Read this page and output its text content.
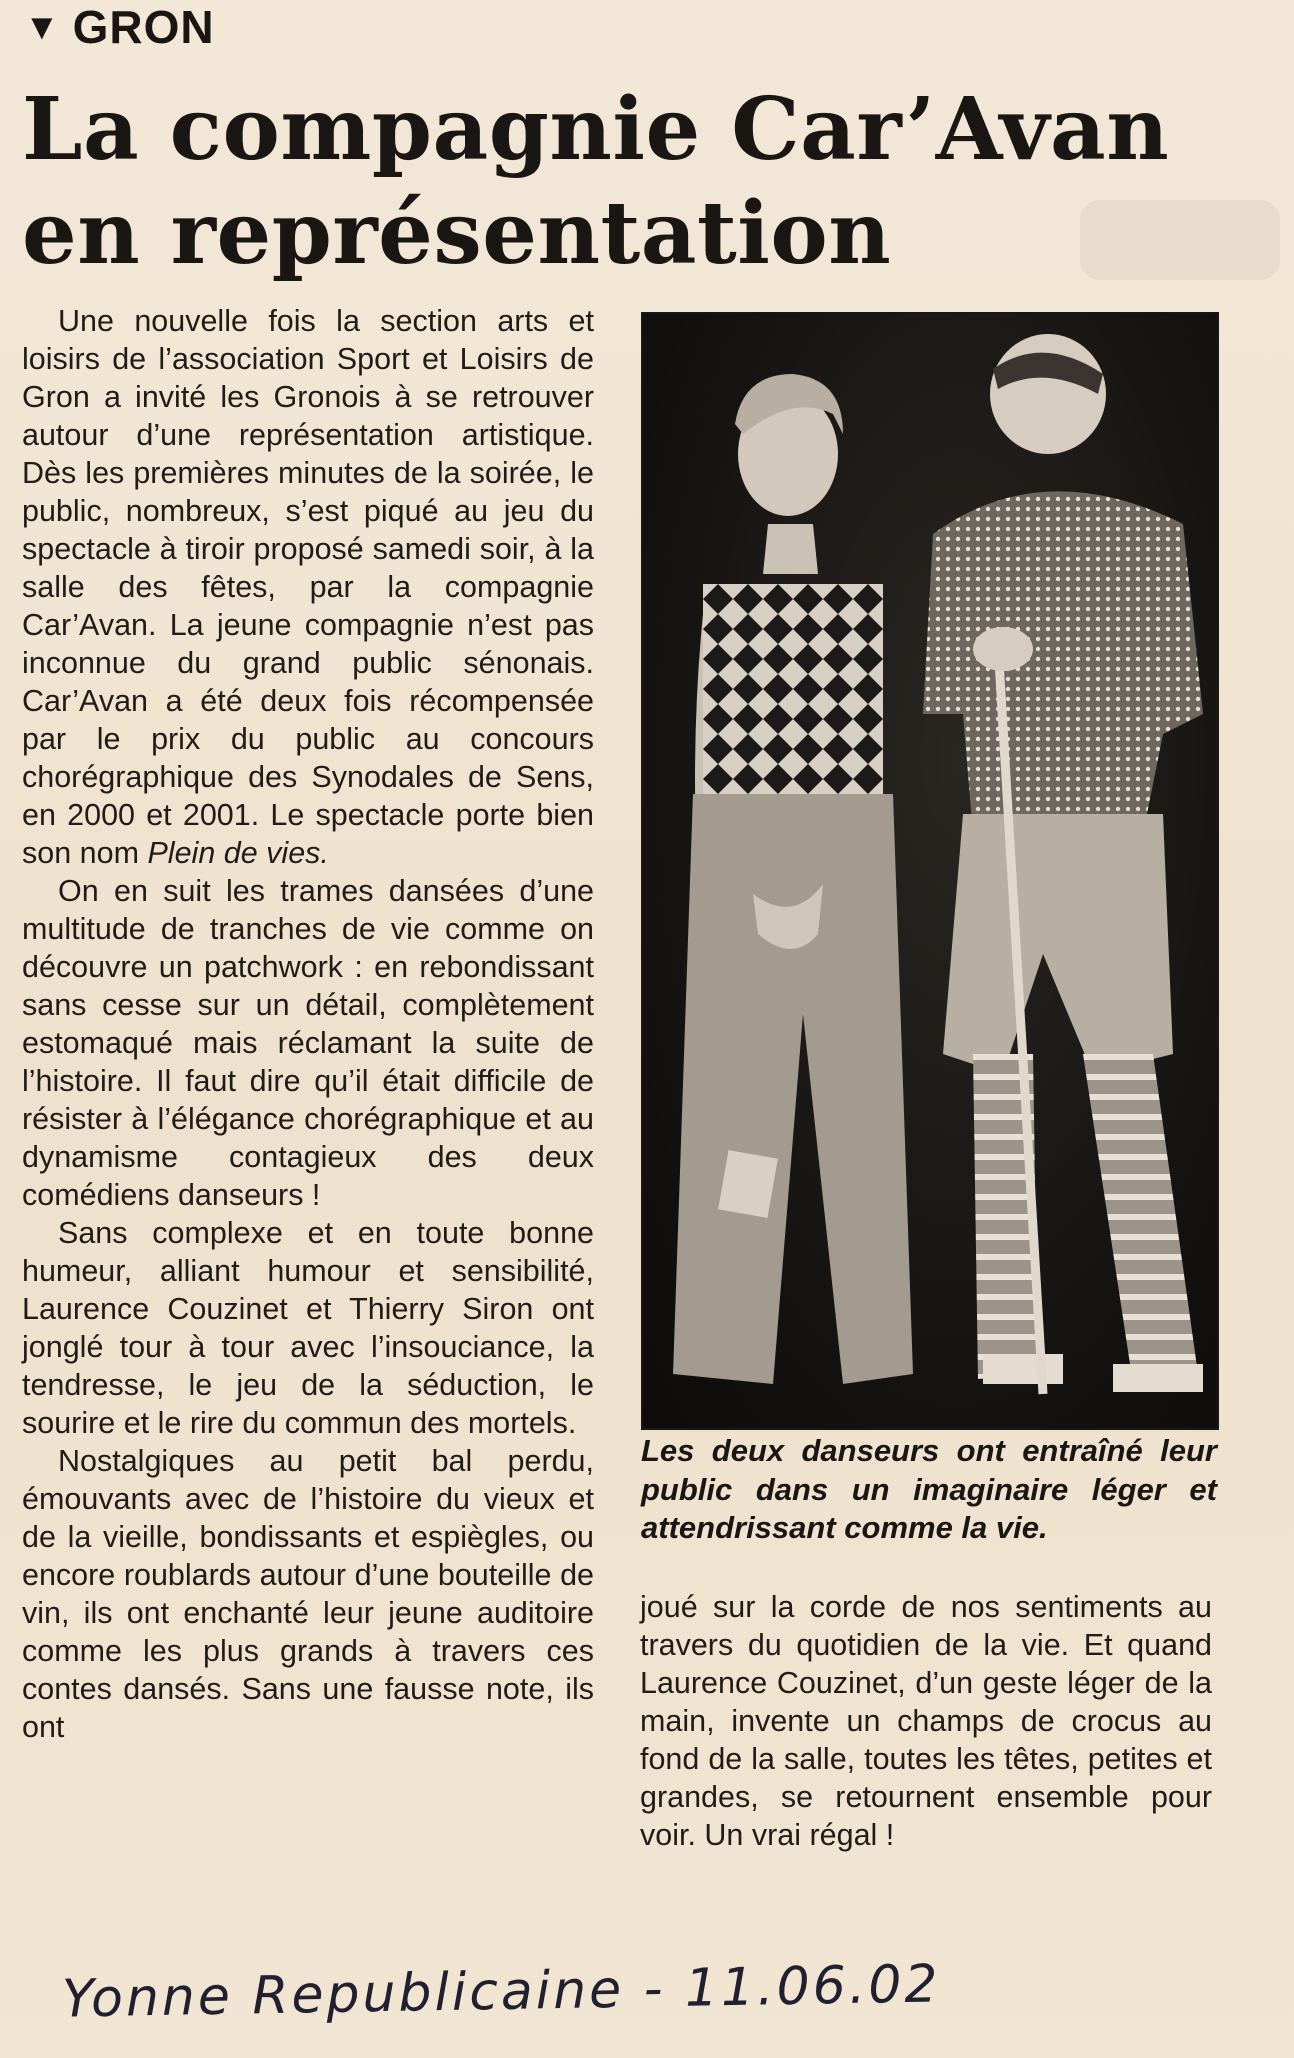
▼ GRON
La compagnie Car’Avan
en représentation

Une nouvelle fois la section arts et loisirs de l’association Sport et Loisirs de Gron a invité les Gronois à se retrouver autour d’une représentation artistique. Dès les premières minutes de la soirée, le public, nombreux, s’est piqué au jeu du spectacle à tiroir proposé samedi soir, à la salle des fêtes, par la compagnie Car’Avan. La jeune compagnie n’est pas inconnue du grand public sénonais. Car’Avan a été deux fois récompensée par le prix du public au concours chorégraphique des Synodales de Sens, en 2000 et 2001. Le spectacle porte bien son nom Plein de vies.

On en suit les trames dansées d’une multitude de tranches de vie comme on découvre un patchwork : en rebondissant sans cesse sur un détail, complètement estomaqué mais réclamant la suite de l’histoire. Il faut dire qu’il était difficile de résister à l’élégance chorégraphique et au dynamisme contagieux des deux comédiens danseurs !

Sans complexe et en toute bonne humeur, alliant humour et sensibilité, Laurence Couzinet et Thierry Siron ont jonglé tour à tour avec l’insouciance, la tendresse, le jeu de la séduction, le sourire et le rire du commun des mortels.

Nostalgiques au petit bal perdu, émouvants avec de l’histoire du vieux et de la vieille, bondissants et espiègles, ou encore roublards autour d’une bouteille de vin, ils ont enchanté leur jeune auditoire comme les plus grands à travers ces contes dansés. Sans une fausse note, ils ont

Les deux danseurs ont entraîné leur public dans un imaginaire léger et attendrissant comme la vie.

joué sur la corde de nos sentiments au travers du quotidien de la vie. Et quand Laurence Couzinet, d’un geste léger de la main, invente un champs de crocus au fond de la salle, toutes les têtes, petites et grandes, se retournent ensemble pour voir. Un vrai régal !

Yonne Republicaine - 11.06.02
